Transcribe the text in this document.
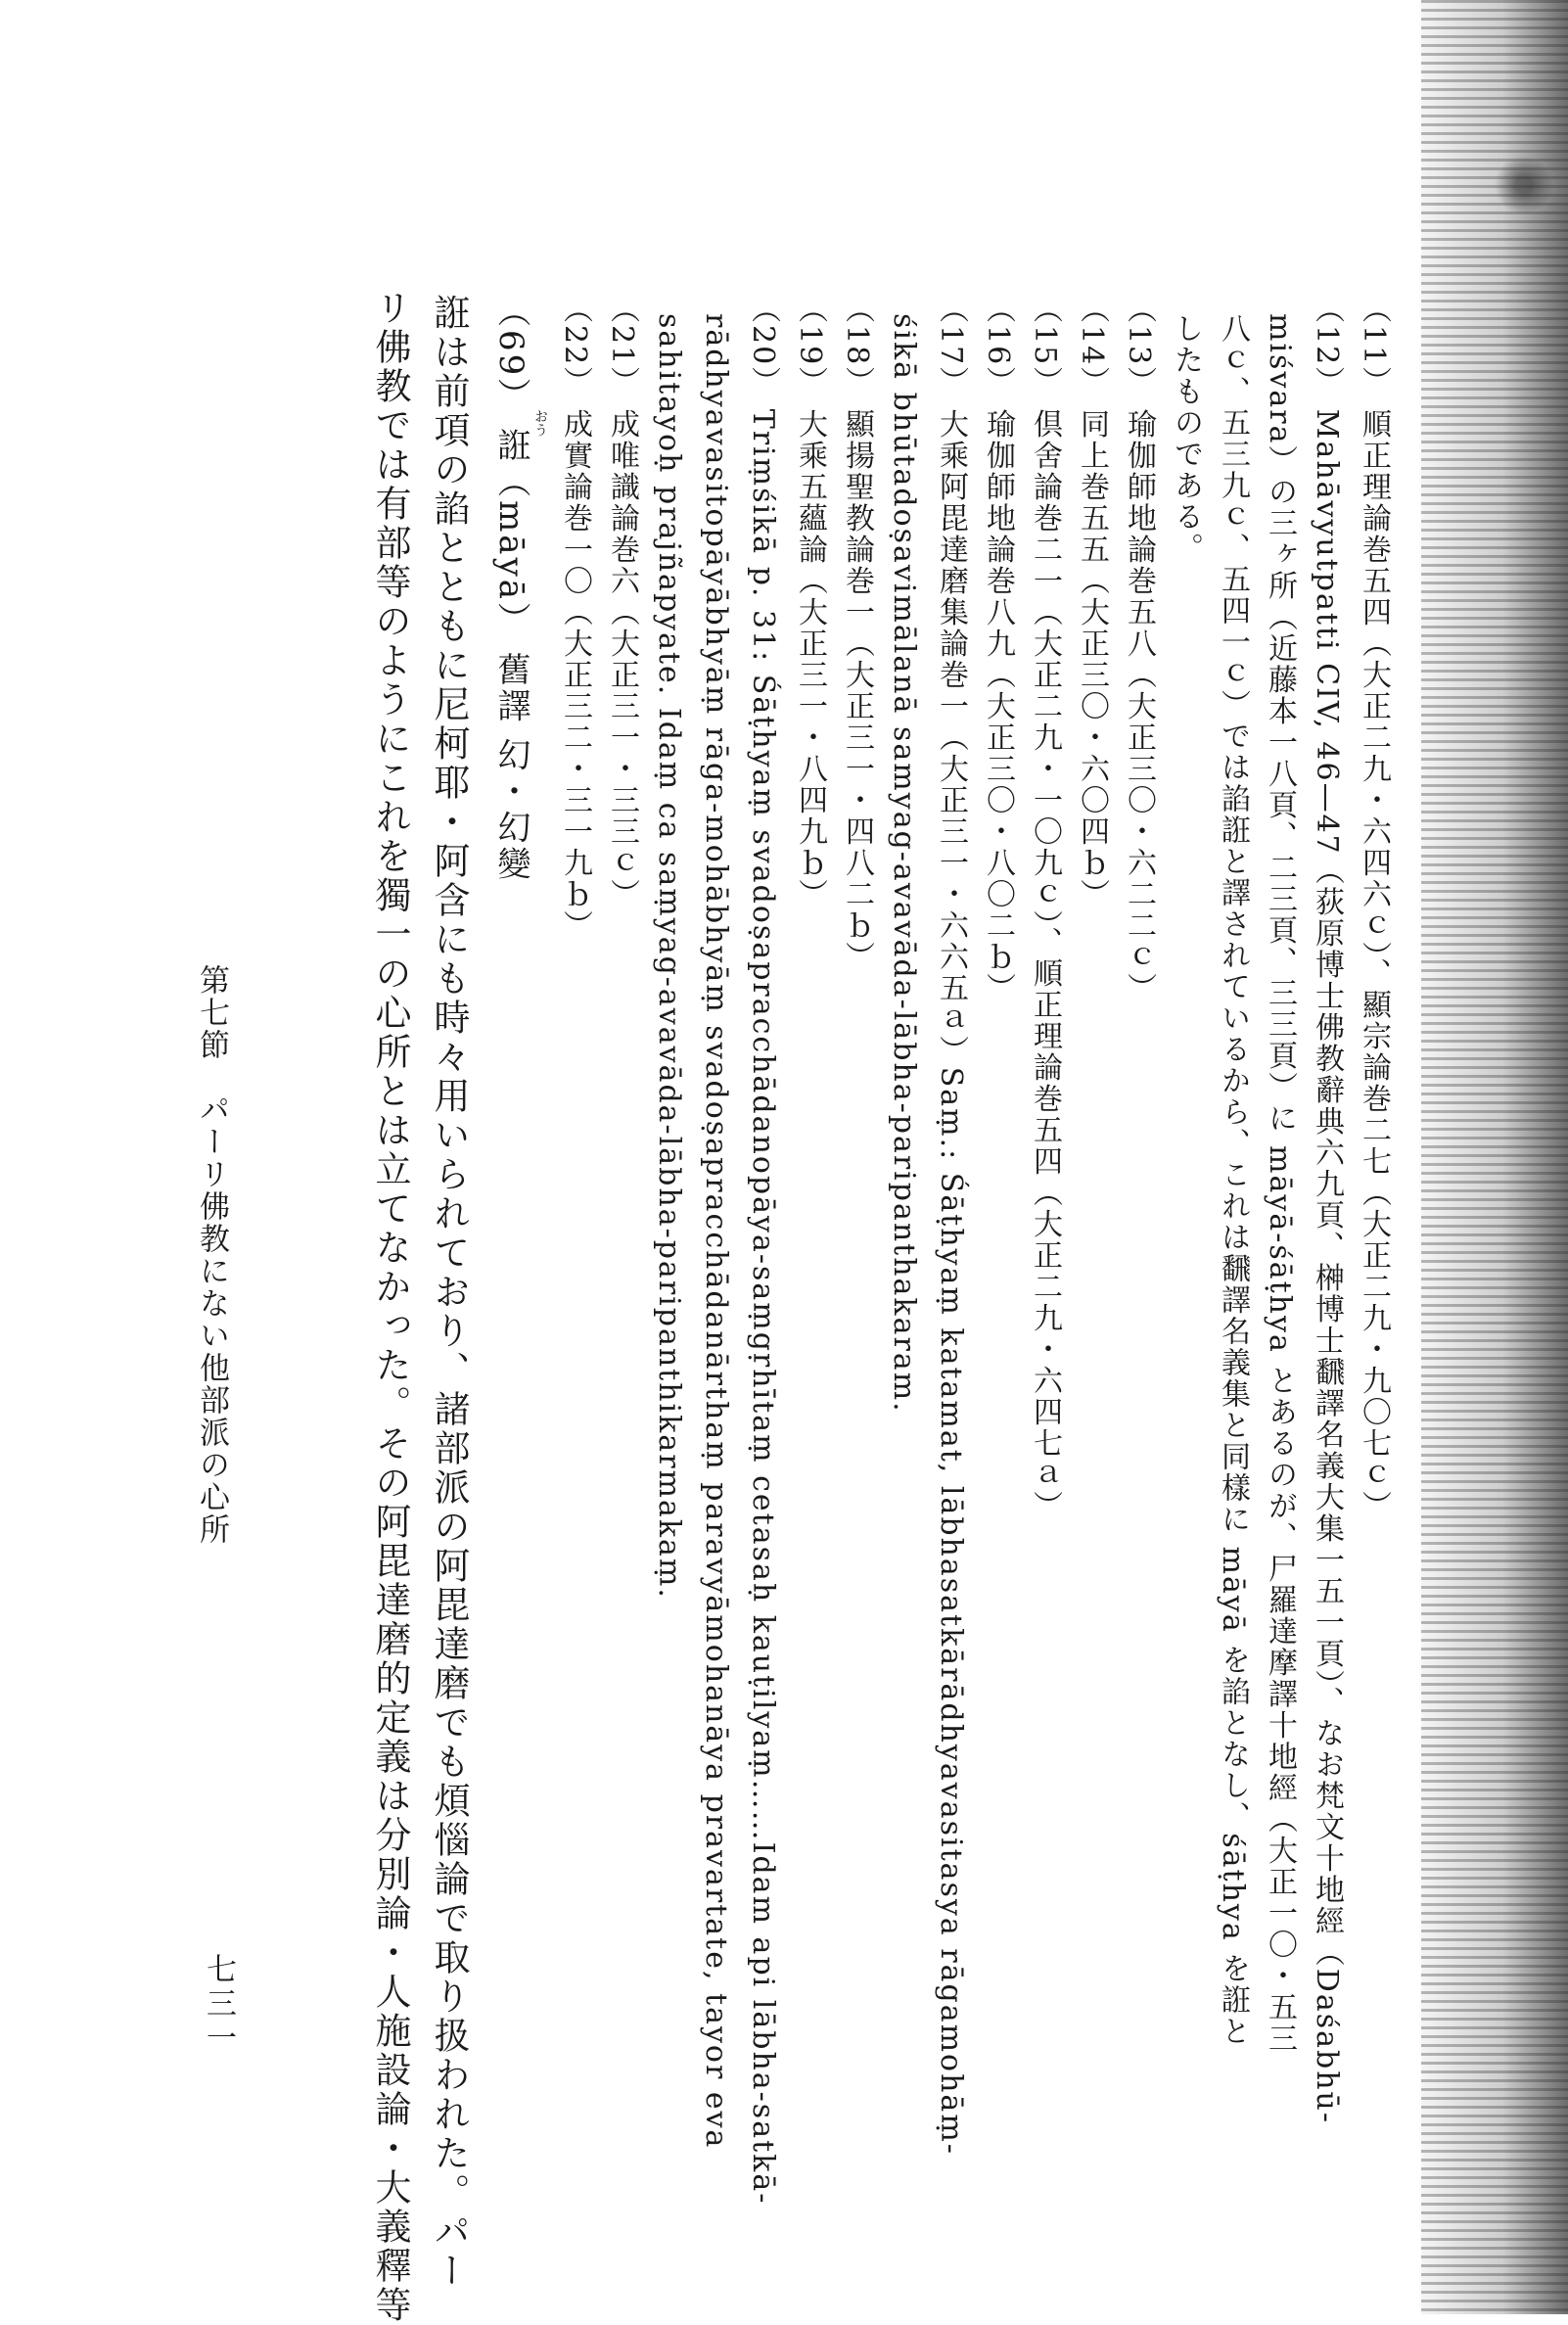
（11） 順正理論巻五四（大正二九・六四六ｃ）、顯宗論巻二七（大正二九・九〇七ｃ）
（12） Mahāvyutpatti CIV, 46—47（荻原博士佛教辭典六九頁、榊博士飜譯名義大集一五一頁）、なお梵文十地經（Daśabhū-
miśvara）の三ヶ所（近藤本一八頁、二三頁、三三頁）に māyā-śāṭhya とあるのが、尸羅達摩譯十地經（大正一〇・五三
八ｃ、五三九ｃ、五四一ｃ）では諂誑と譯されているから、これは飜譯名義集と同樣に māyā を諂となし、śāṭhya を誑と
したものである。
（13） 瑜伽師地論巻五八（大正三〇・六二二ｃ）
（14） 同上巻五五（大正三〇・六〇四ｂ）
（15） 倶舍論巻二一（大正二九・一〇九ｃ）、順正理論巻五四（大正二九・六四七ａ）
（16） 瑜伽師地論巻八九（大正三〇・八〇二ｂ）
（17） 大乘阿毘達磨集論巻一（大正三一・六六五ａ）Saṃ.: Śāṭhyaṃ katamat, lābhasatkārādhyavasitasya rāgamohāṃ-
śikā bhūtadoṣavimālanā samyag-avavāda-lābha-paripanthakaram.
（18） 顯揚聖教論巻一（大正三一・四八二ｂ）
（19） 大乘五蘊論（大正三一・八四九ｂ）
（20） Triṃśikā p. 31: Śāṭhyaṃ svadoṣapracchādanopāya-saṃgṛhītaṃ cetasaḥ kauṭilyaṃ……Idam api lābha-satkā-
rādhyavasitopāyābhyāṃ rāga-mohābhyāṃ svadoṣapracchādanārthaṃ paravyāmohanāya pravartate, tayor eva
sahitayoḥ prajñapyate. Idaṃ ca saṃyag-avavāda-lābha-paripanthikarmakaṃ.
（21） 成唯識論巻六（大正三一・三三ｃ）
（22） 成實論巻一〇（大正三二・三一九ｂ）
（69） 誑（māyā） 舊譯 幻・幻變 おう
誑は前項の諂とともに尼柯耶・阿含にも時々用いられており、諸部派の阿毘達磨でも煩惱論で取り扱われた。パー
リ佛教では有部等のようにこれを獨一の心所とは立てなかった。その阿毘達磨的定義は分別論・人施設論・大義釋等
第七節　パーリ佛教にない他部派の心所
七三一
